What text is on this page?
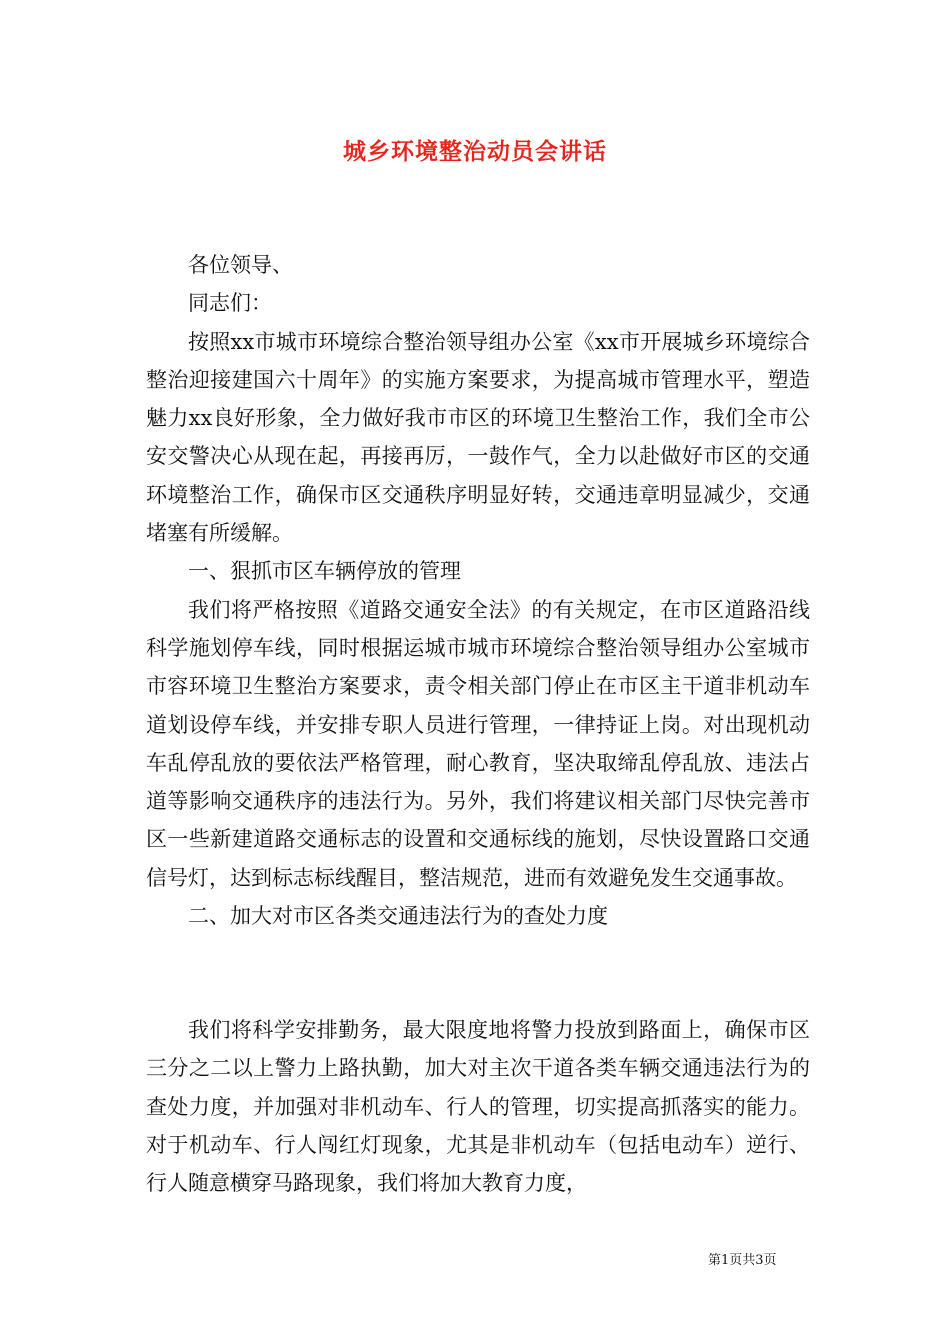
城乡环境整治动员会讲话

各位领导、

同志们：

按照xx市城市环境综合整治领导组办公室《xx市开展城乡环境综合整治迎接建国六十周年》的实施方案要求，为提高城市管理水平，塑造魅力xx良好形象，全力做好我市市区的环境卫生整治工作，我们全市公安交警决心从现在起，再接再厉，一鼓作气，全力以赴做好市区的交通环境整治工作，确保市区交通秩序明显好转，交通违章明显减少，交通堵塞有所缓解。

一、狠抓市区车辆停放的管理

我们将严格按照《道路交通安全法》的有关规定，在市区道路沿线科学施划停车线，同时根据运城市城市环境综合整治领导组办公室城市市容环境卫生整治方案要求，责令相关部门停止在市区主干道非机动车道划设停车线，并安排专职人员进行管理，一律持证上岗。对出现机动车乱停乱放的要依法严格管理，耐心教育，坚决取缔乱停乱放、违法占道等影响交通秩序的违法行为。另外，我们将建议相关部门尽快完善市区一些新建道路交通标志的设置和交通标线的施划，尽快设置路口交通信号灯，达到标志标线醒目，整洁规范，进而有效避免发生交通事故。

二、加大对市区各类交通违法行为的查处力度

我们将科学安排勤务，最大限度地将警力投放到路面上，确保市区三分之二以上警力上路执勤，加大对主次干道各类车辆交通违法行为的查处力度，并加强对非机动车、行人的管理，切实提高抓落实的能力。对于机动车、行人闯红灯现象，尤其是非机动车（包括电动车）逆行、行人随意横穿马路现象，我们将加大教育力度，

第1页共3页
